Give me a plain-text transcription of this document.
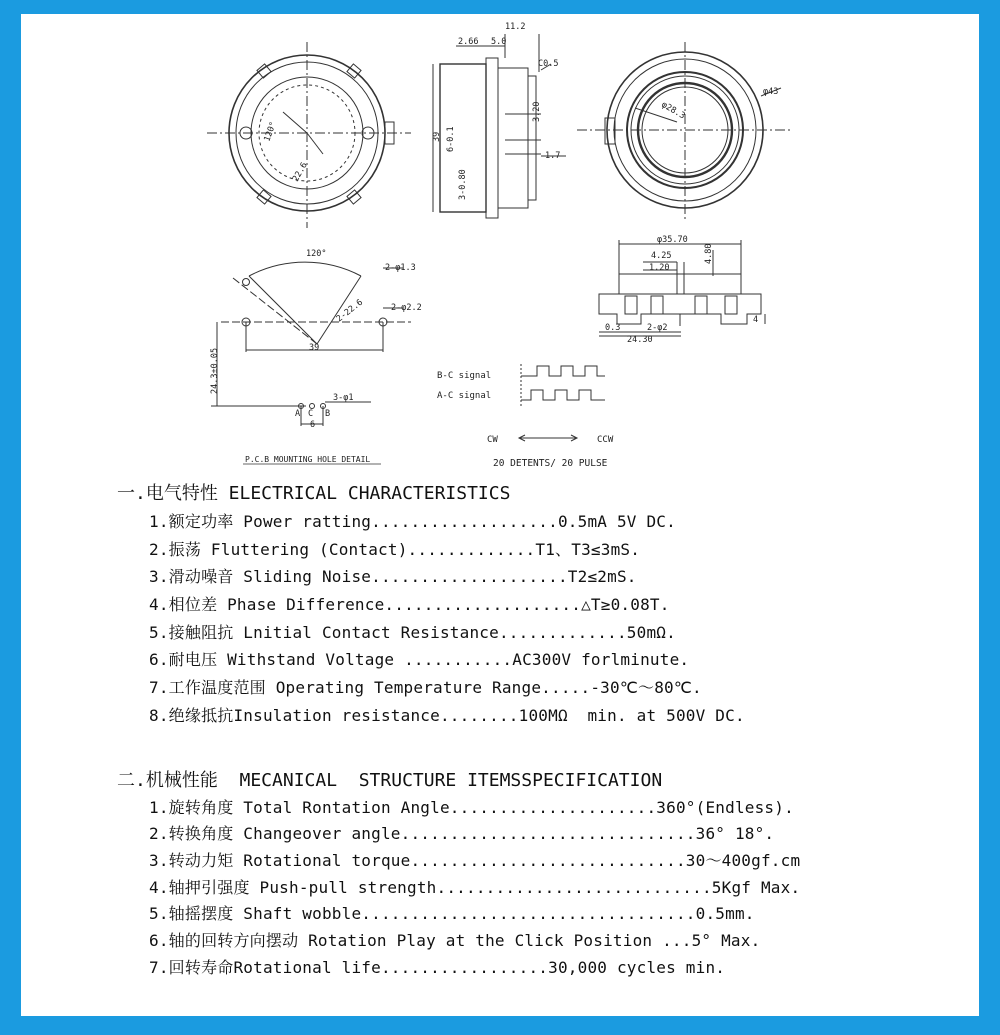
11.2
2.66 5.0
C0.5
3.20
1.7
39 6-0.1
3-0.80
120°
22.6
φ28.3
φ43
φ35.70
4.25
1.20
4.80
0.3	2-φ2
24.30
4
120°
2-φ1.3
2-φ2.2
2-22.6
39
24.3±0.05
3-φ1
A C B
6
P.C.B MOUNTING HOLE DETAIL
B-C signal
A-C signal
CW	CCW
20 DETENTS/ 20 PULSE
一.电气特性 ELECTRICAL CHARACTERISTICS
1.额定功率 Power ratting...................0.5mA 5V DC.
2.振荡 Fluttering (Contact).............T1、T3≤3mS.
3.滑动噪音 Sliding Noise....................T2≤2mS.
4.相位差 Phase Difference....................△T≥0.08T.
5.接触阻抗 Lnitial Contact Resistance.............50mΩ.
6.耐电压 Withstand Voltage ...........AC300V forlminute.
7.工作温度范围 Operating Temperature Range.....-30℃～80℃.
8.绝缘抵抗Insulation resistance........100MΩ  min. at 500V DC.
二.机械性能  MECANICAL  STRUCTURE ITEMSSPECIFICATION
1.旋转角度 Total Rontation Angle.....................360°(Endless).
2.转换角度 Changeover angle..............................36° 18°.
3.转动力矩 Rotational torque............................30～400gf.cm
4.轴押引强度 Push-pull strength............................5Kgf Max.
5.轴摇摆度 Shaft wobble..................................0.5mm.
6.轴的回转方向摆动 Rotation Play at the Click Position ...5° Max.
7.回转寿命Rotational life.................30,000 cycles min.
